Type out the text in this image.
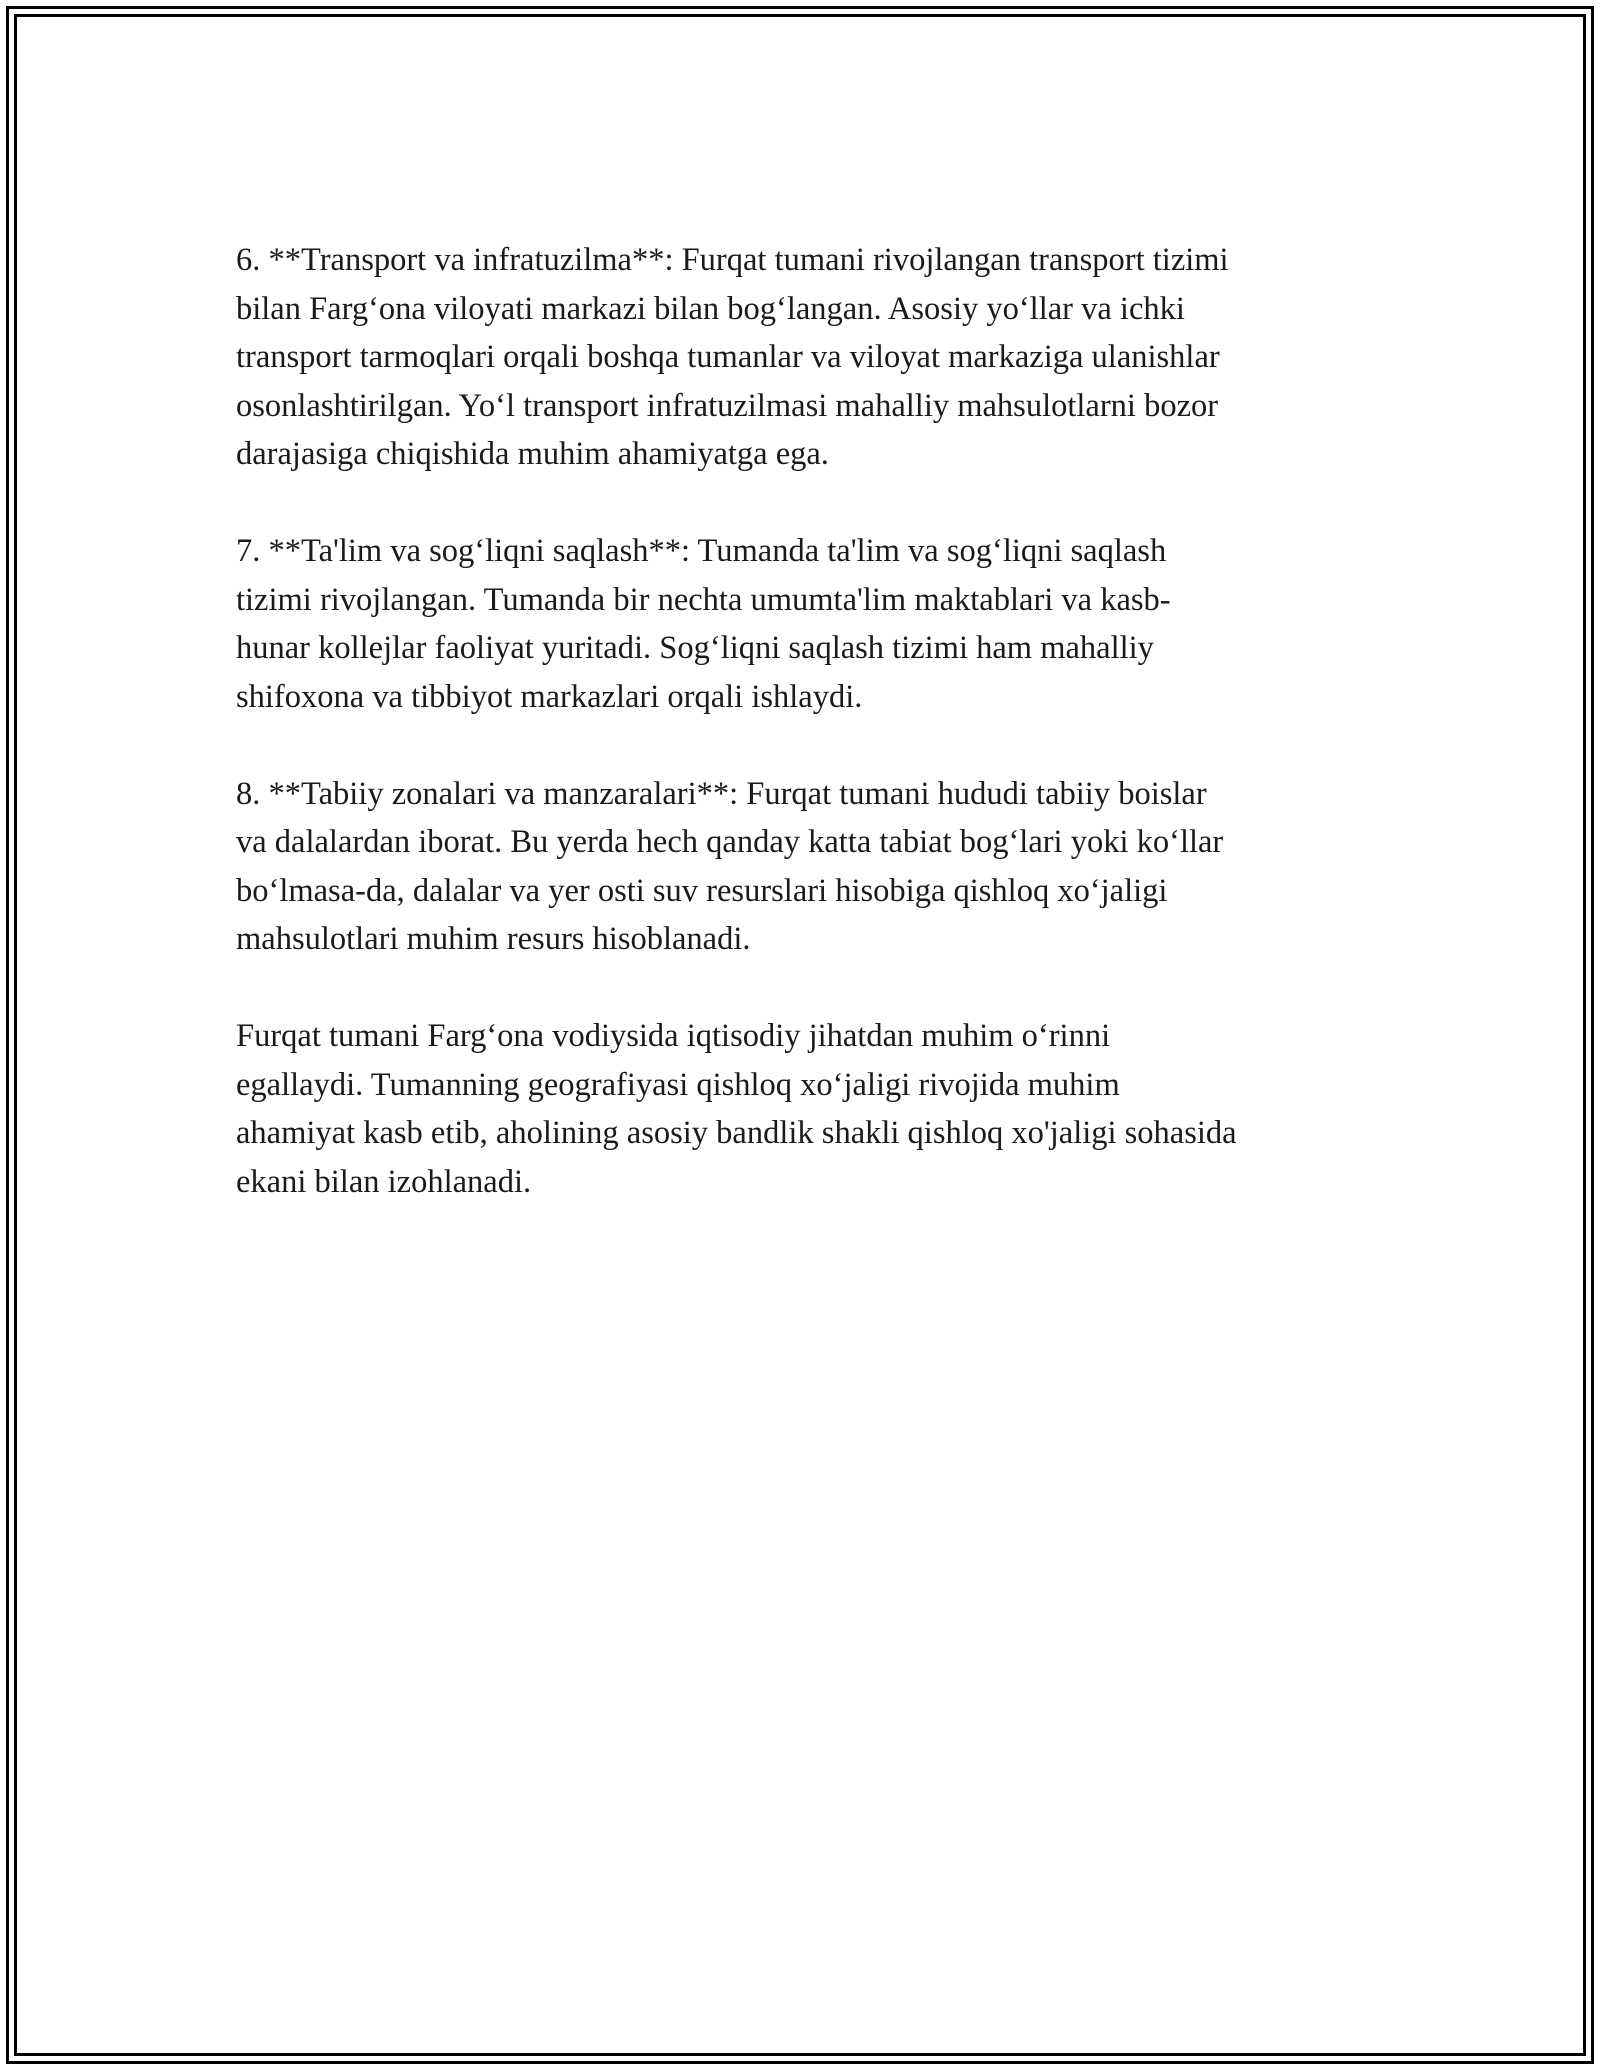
6. **Transport va infratuzilma**: Furqat tumani rivojlangan transport tizimi
bilan Farg‘ona viloyati markazi bilan bog‘langan. Asosiy yo‘llar va ichki
transport tarmoqlari orqali boshqa tumanlar va viloyat markaziga ulanishlar
osonlashtirilgan. Yo‘l transport infratuzilmasi mahalliy mahsulotlarni bozor
darajasiga chiqishida muhim ahamiyatga ega.

7. **Ta'lim va sog‘liqni saqlash**: Tumanda ta'lim va sog‘liqni saqlash
tizimi rivojlangan. Tumanda bir nechta umumta'lim maktablari va kasb-
hunar kollejlar faoliyat yuritadi. Sog‘liqni saqlash tizimi ham mahalliy
shifoxona va tibbiyot markazlari orqali ishlaydi.

8. **Tabiiy zonalari va manzaralari**: Furqat tumani hududi tabiiy boislar
va dalalardan iborat. Bu yerda hech qanday katta tabiat bog‘lari yoki ko‘llar
bo‘lmasa-da, dalalar va yer osti suv resurslari hisobiga qishloq xo‘jaligi
mahsulotlari muhim resurs hisoblanadi.

Furqat tumani Farg‘ona vodiysida iqtisodiy jihatdan muhim o‘rinni
egallaydi. Tumanning geografiyasi qishloq xo‘jaligi rivojida muhim
ahamiyat kasb etib, aholining asosiy bandlik shakli qishloq xo'jaligi sohasida
ekani bilan izohlanadi.
